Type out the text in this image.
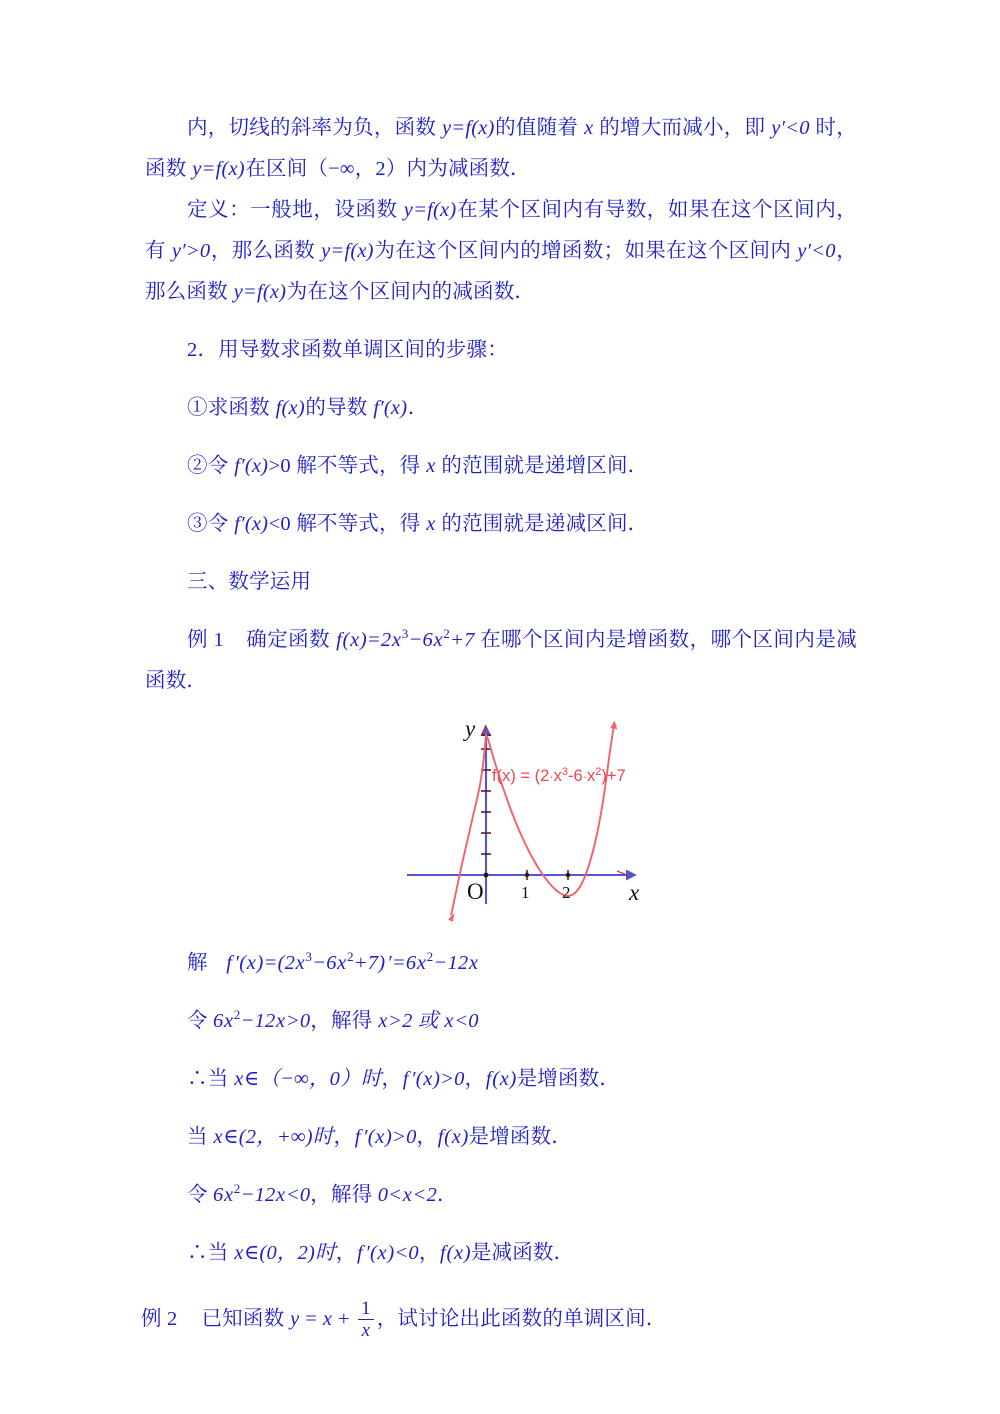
内，切线的斜率为负，函数 y=f(x)的值随着 x 的增大而减小，即 y′<0 时，函数 y=f(x)在区间（−∞，2）内为减函数．

定义：一般地，设函数 y=f(x)在某个区间内有导数，如果在这个区间内，有 y′>0，那么函数 y=f(x)为在这个区间内的增函数；如果在这个区间内 y′<0，那么函数 y=f(x)为在这个区间内的减函数．

2．用导数求函数单调区间的步骤：

①求函数 f(x)的导数 f′(x)．

②令 f′(x)>0 解不等式，得 x 的范围就是递增区间．

③令 f′(x)<0 解不等式，得 x 的范围就是递减区间．

三、数学运用

例 1 确定函数 $f(x)=2x^3-6x^2+7$ 在哪个区间内是增函数，哪个区间内是减函数．

y
x
O 1 2
$f(x) = (2\cdot x^3-6\cdot x^2)+7$

解 f $'(x)=(2x^3-6x^2+7)$ $'=6x^2-12x$

令 $6x^2-12x>0$，解得 x>2 或 x<0

∴当 x∈（−∞，0）时，f ′(x)>0，f(x)是增函数．

当 x∈(2，+∞)时，f ′(x)>0，f(x)是增函数．

令 $6x^2-12x<0$，解得 0<x<2．

∴当 x∈(0，2)时，f ′(x)<0，f(x)是减函数．

例 2 已知函数 $y = x + \frac{1}{x}$ ，试讨论出此函数的单调区间．
